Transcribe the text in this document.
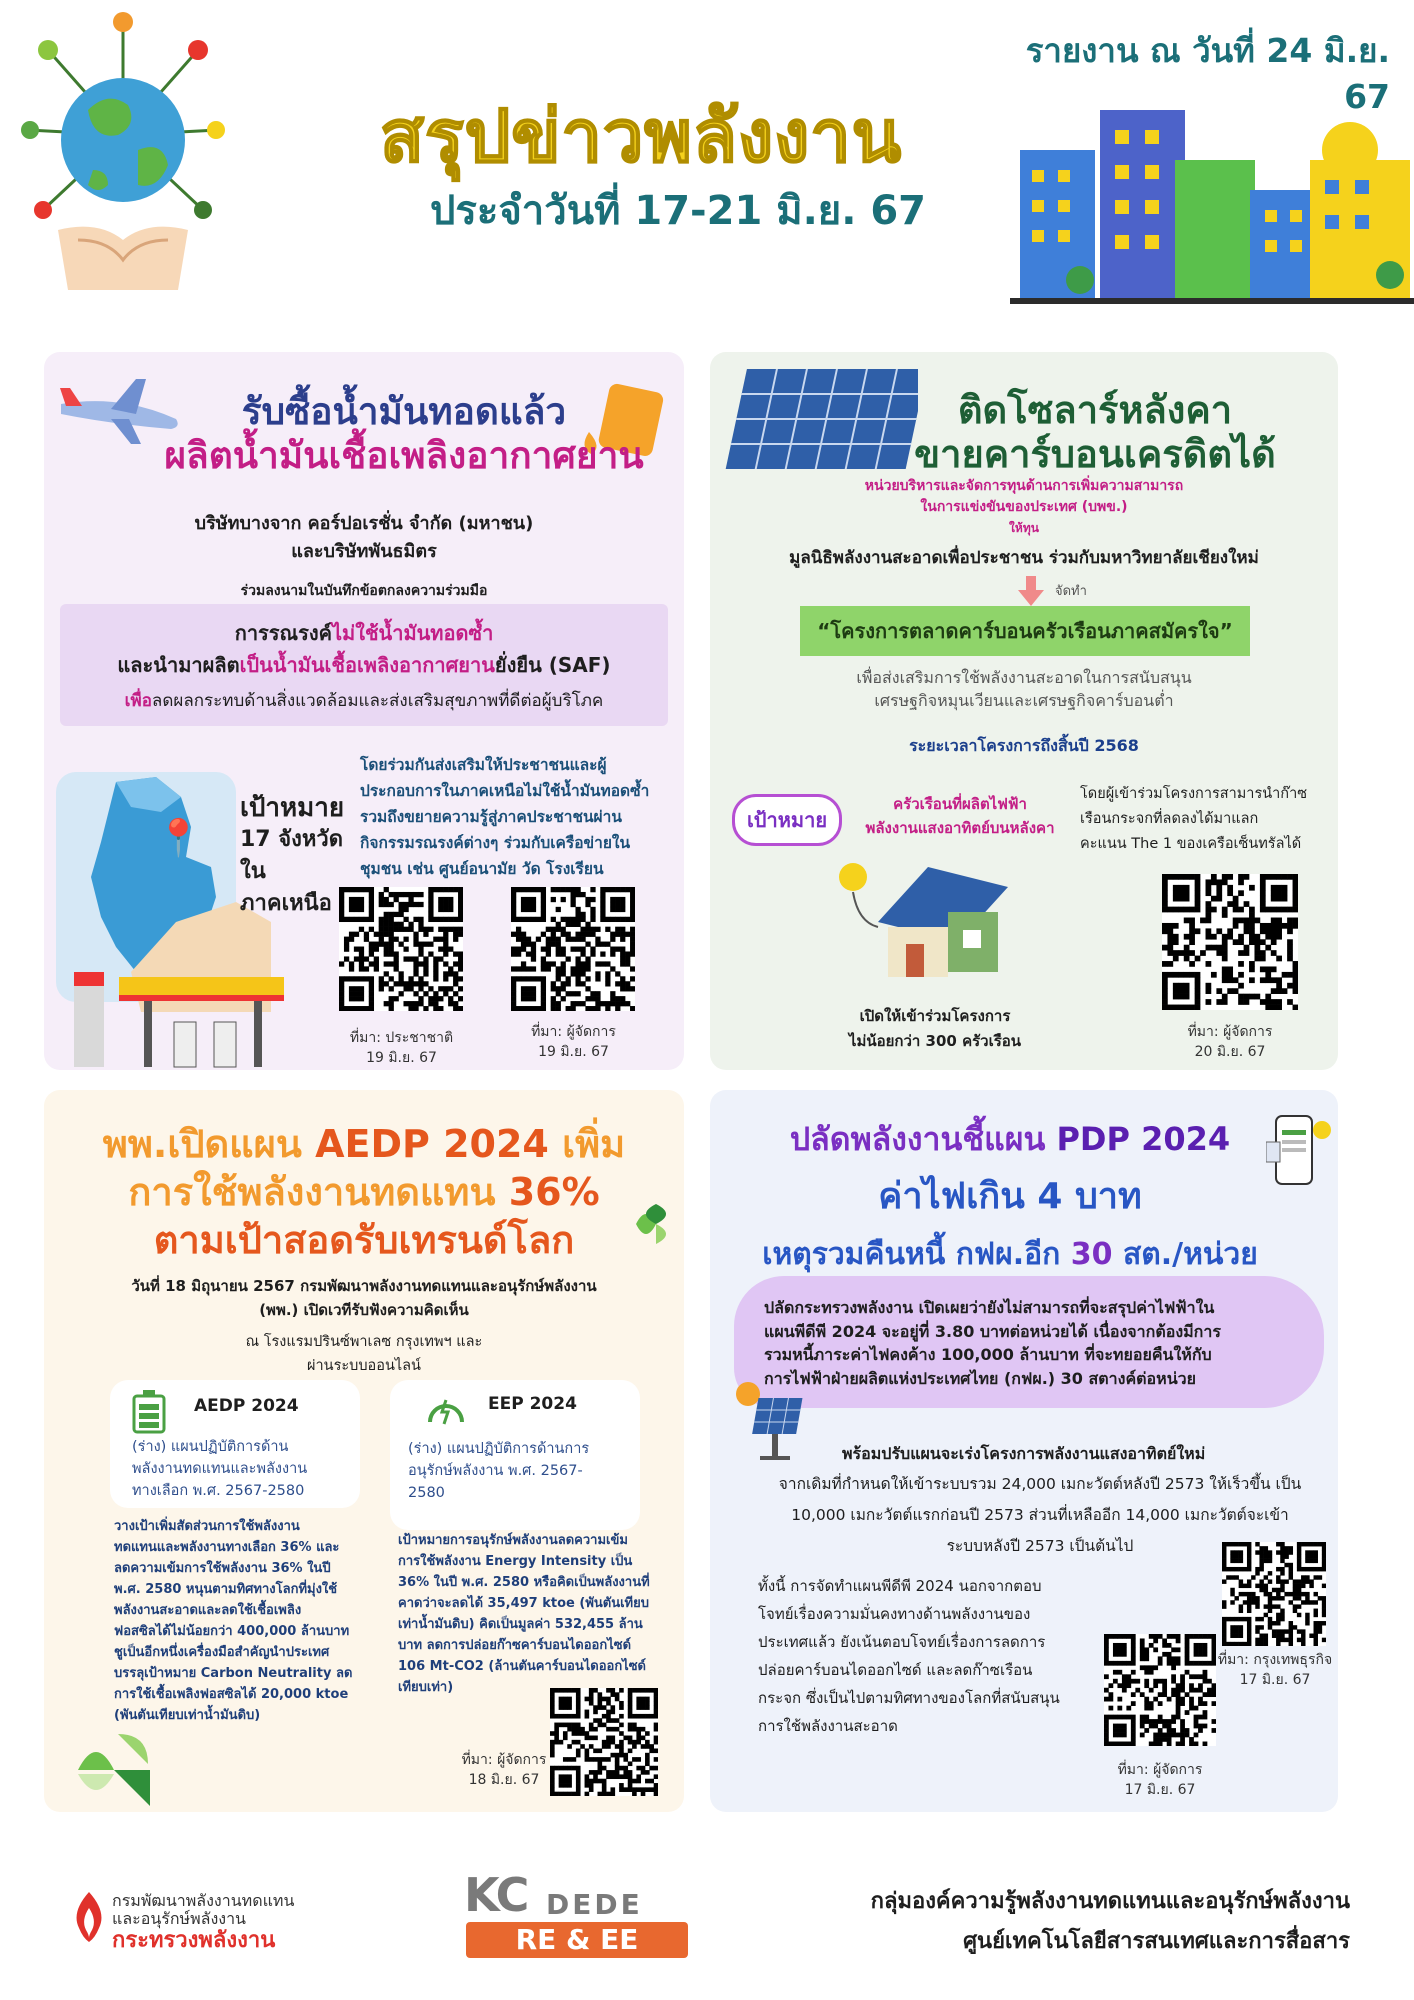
รายงาน ณ วันที่ 24 มิ.ย. 67
สรุปข่าวพลังงาน
ประจำวันที่ 17-21 มิ.ย. 67
รับซื้อน้ำมันทอดแล้ว
ผลิตน้ำมันเชื้อเพลิงอากาศยาน
บริษัทบางจาก คอร์ปอเรชั่น จำกัด (มหาชน)
และบริษัทพันธมิตร
ร่วมลงนามในบันทึกข้อตกลงความร่วมมือ
การรณรงค์ไม่ใช้น้ำมันทอดซ้ำ
และนำมาผลิตเป็นน้ำมันเชื้อเพลิงอากาศยานยั่งยืน (SAF)
เพื่อลดผลกระทบด้านสิ่งแวดล้อมและส่งเสริมสุขภาพที่ดีต่อผู้บริโภค
📍
เป้าหมาย
17 จังหวัดใน
ภาคเหนือ
โดยร่วมกันส่งเสริมให้ประชาชนและผู้
ประกอบการในภาคเหนือไม่ใช้น้ำมันทอดซ้ำ
รวมถึงขยายความรู้สู่ภาคประชาชนผ่าน
กิจกรรมรณรงค์ต่างๆ ร่วมกับเครือข่ายใน
ชุมชน เช่น ศูนย์อนามัย วัด โรงเรียน
ที่มา: ประชาชาติ
19 มิ.ย. 67
ที่มา: ผู้จัดการ
19 มิ.ย. 67
ติดโซลาร์หลังคา
ขายคาร์บอนเครดิตได้
หน่วยบริหารและจัดการทุนด้านการเพิ่มความสามารถ
ในการแข่งขันของประเทศ (บพข.)
ให้ทุน
มูลนิธิพลังงานสะอาดเพื่อประชาชน ร่วมกับมหาวิทยาลัยเชียงใหม่
จัดทำ
“โครงการตลาดคาร์บอนครัวเรือนภาคสมัครใจ”
เพื่อส่งเสริมการใช้พลังงานสะอาดในการสนับสนุน
เศรษฐกิจหมุนเวียนและเศรษฐกิจคาร์บอนต่ำ
ระยะเวลาโครงการถึงสิ้นปี 2568
เป้าหมาย
ครัวเรือนที่ผลิตไฟฟ้า
พลังงานแสงอาทิตย์บนหลังคา
โดยผู้เข้าร่วมโครงการสามารนำก๊าซ
เรือนกระจกที่ลดลงได้มาแลก
คะแนน The 1 ของเครือเซ็นทรัลได้
เปิดให้เข้าร่วมโครงการ
ไม่น้อยกว่า 300 ครัวเรือน	ที่มา: ผู้จัดการ
20 มิ.ย. 67
พพ.เปิดแผน AEDP 2024 เพิ่ม
การใช้พลังงานทดแทน 36%
ตามเป้าสอดรับเทรนด์โลก
วันที่ 18 มิถุนายน 2567 กรมพัฒนาพลังงานทดแทนและอนุรักษ์พลังงาน
(พพ.) เปิดเวทีรับฟังความคิดเห็น
ณ โรงแรมปรินซ์พาเลซ กรุงเทพฯ และ
ผ่านระบบออนไลน์
AEDP 2024
(ร่าง) แผนปฏิบัติการด้าน
พลังงานทดแทนและพลังงาน
ทางเลือก พ.ศ. 2567-2580
EEP 2024
(ร่าง) แผนปฏิบัติการด้านการ
อนุรักษ์พลังงาน พ.ศ. 2567-
2580
วางเป้าเพิ่มสัดส่วนการใช้พลังงาน
ทดแทนและพลังงานทางเลือก 36% และ
ลดความเข้มการใช้พลังงาน 36% ในปี
พ.ศ. 2580 หนุนตามทิศทางโลกที่มุ่งใช้
พลังงานสะอาดและลดใช้เชื้อเพลิง
ฟอสซิลได้ไม่น้อยกว่า 400,000 ล้านบาท
ชูเป็นอีกหนึ่งเครื่องมือสำคัญนำประเทศ
บรรลุเป้าหมาย Carbon Neutrality ลด
การใช้เชื้อเพลิงฟอสซิลได้ 20,000 ktoe
(พันตันเทียบเท่าน้ำมันดิบ)
เป้าหมายการอนุรักษ์พลังงานลดความเข้ม
การใช้พลังงาน Energy Intensity เป็น
36% ในปี พ.ศ. 2580 หรือคิดเป็นพลังงานที่
คาดว่าจะลดได้ 35,497 ktoe (พันตันเทียบ
เท่าน้ำมันดิบ) คิดเป็นมูลค่า 532,455 ล้าน
บาท ลดการปล่อยก๊าซคาร์บอนไดออกไซด์
106 Mt-CO2 (ล้านตันคาร์บอนไดออกไซด์
เทียบเท่า)
ที่มา: ผู้จัดการ
18 มิ.ย. 67
ปลัดพลังงานชี้แผน PDP 2024
ค่าไฟเกิน 4 บาท
เหตุรวมคืนหนี้ กฟผ.อีก 30 สต./หน่วย
ปลัดกระทรวงพลังงาน เปิดเผยว่ายังไม่สามารถที่จะสรุปค่าไฟฟ้าใน
แผนพีดีพี 2024 จะอยู่ที่ 3.80 บาทต่อหน่วยได้ เนื่องจากต้องมีการ
รวมหนี้ภาระค่าไฟคงค้าง 100,000 ล้านบาท ที่จะทยอยคืนให้กับ
การไฟฟ้าฝ่ายผลิตแห่งประเทศไทย (กฟผ.) 30 สตางค์ต่อหน่วย
พร้อมปรับแผนจะเร่งโครงการพลังงานแสงอาทิตย์ใหม่
จากเดิมที่กำหนดให้เข้าระบบรวม 24,000 เมกะวัตต์หลังปี 2573 ให้เร็วขึ้น เป็น
10,000 เมกะวัตต์แรกก่อนปี 2573 ส่วนที่เหลืออีก 14,000 เมกะวัตต์จะเข้า
ระบบหลังปี 2573 เป็นต้นไป
ทั้งนี้ การจัดทำแผนพีดีพี 2024 นอกจากตอบ
โจทย์เรื่องความมั่นคงทางด้านพลังงานของ
ประเทศแล้ว ยังเน้นตอบโจทย์เรื่องการลดการ
ปล่อยคาร์บอนไดออกไซด์ และลดก๊าซเรือน
กระจก ซึ่งเป็นไปตามทิศทางของโลกที่สนับสนุน
การใช้พลังงานสะอาด
ที่มา: กรุงเทพธุรกิจ
17 มิ.ย. 67
ที่มา: ผู้จัดการ
17 มิ.ย. 67
กรมพัฒนาพลังงานทดแทน
และอนุรักษ์พลังงาน
กระทรวงพลังงาน
KC DEDE
RE & EE
กลุ่มองค์ความรู้พลังงานทดแทนและอนุรักษ์พลังงาน
ศูนย์เทคโนโลยีสารสนเทศและการสื่อสาร
